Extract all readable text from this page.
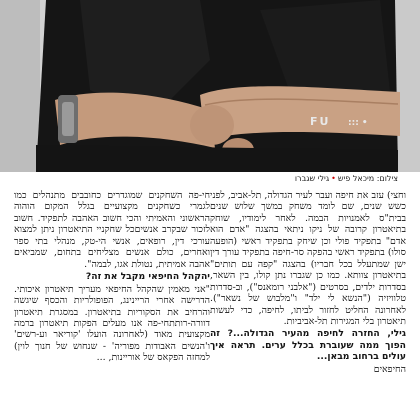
FU ::: •
צילום: מיכאל פיש•גילי שגברו

וחצי) עזב את חיפה ועבר לעיר הגדולה, תל-אביב, לפני כשש שנים, שם לומד משחק במשך שלוש שנים בבית"ס לאמנויות הבמה. לאחר לימודיו, שוחק בתיאטרון קרובה של ניקו ניתאי בהצגה "אדם הוא אדם" בתפקיד פולי וכן שיחק בתפקיד ראשי (הופעה סולו) בתפקיד ראשי בהפקה סר-חיפה בתפקיד עורך דין ישן שמתעלל בכל חבריו) בהצגה "קפה עם תותים" בתיאטרון צוותא. כמו כן שגברו נתן קולו, בין השאר, בסדרות ילדים, בסרטים ("אלבני רומאנס"), וב-סדרות טלוויזיה ("הנשא לי ילד" ו"מלבוש של נשאר"). לאחרונה החליט לחזור לביתו, לחיפה, כדי לעשות תיאטרון בלי המגירות תל-אביביות.

גילי, החזרה לחיפה מהעיר הגדולה...? זה הפוך ממה שעוברת בכלל ערים. תראה איך עולים ברחוב מבאן...

החיפאים

חי-פה השחקנים שמוגדרים כחובבים מתנהלים כמו לגמרי כשחקנים מקצועיים בגלל המקום הוהוה הראשוני והאמיתי והכי חשוב האהבה לתפקיד. חשוב לזכור שבקרב אנשיםכל שחקניי התיאטרון ניתן למצוא עורכי דין, רופאים, אנשי הי-טק, מנהלי בתי ספר ואחרים, כולם אנשים מצליחים בתחום, שמביאים אהבה אמיתית, נטולת אגו, לבמה".

יהקהל החיפאי מקבל את זה?

"אני מאמין שהקהל החיפאי מעריך תיאטרון איכותי. הדרישה אחרי הריינינג, הפופולריות והכסף שיגשה והרחיב את הסקוריות בתיאטרון. במסגרת תיאטרון דוורה-רותתחי-פה אנו מעלים הפקות תיאטרון ברמה מקצועית מאוד (לאחרונה הועלו 'קוריאר וע-רשים' ו'הנשים האבודות מפוריה' - שנחוש של חנוך לוין) למחזה הפקאס של אוריינות, ...
